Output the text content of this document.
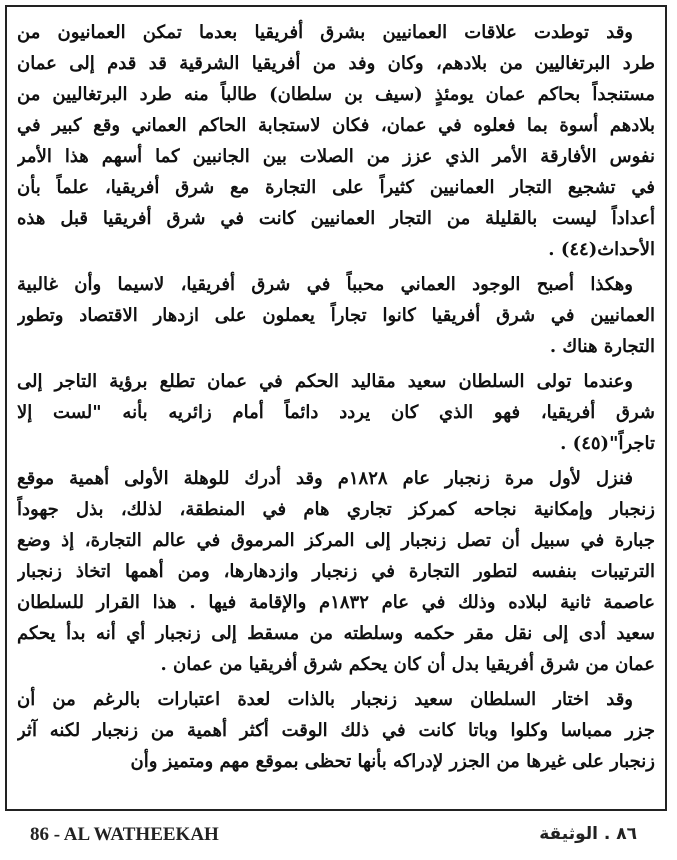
وقد توطدت علاقات العمانيين بشرق أفريقيا بعدما تمكن العمانيون من
طرد البرتغاليين من بلادهم، وكان وفد من أفريقيا الشرقية قد قدم إلى عمان
مستنجداً بحاكم عمان يومئذٍ (سيف بن سلطان) طالباً منه طرد البرتغاليين من
بلادهم أسوة بما فعلوه في عمان، فكان لاستجابة الحاكم العماني وقع كبير في
نفوس الأفارقة الأمر الذي عزز من الصلات بين الجانبين كما أسهم هذا الأمر
في تشجيع التجار العمانيين كثيراً على التجارة مع شرق أفريقيا، علماً بأن
أعداداً ليست بالقليلة من التجار العمانيين كانت في شرق أفريقيا قبل هذه
الأحداث(٤٤) .
وهكذا أصبح الوجود العماني محبباً في شرق أفريقيا، لاسيما وأن غالبية
العمانيين في شرق أفريقيا كانوا تجاراً يعملون على ازدهار الاقتصاد وتطور
التجارة هناك .
وعندما تولى السلطان سعيد مقاليد الحكم في عمان تطلع برؤية التاجر إلى
شرق أفريقيا، فهو الذي كان يردد دائماً أمام زائريه بأنه "لست إلا
تاجراً"(٤٥) .
فنزل لأول مرة زنجبار عام ١٨٢٨م وقد أدرك للوهلة الأولى أهمية موقع
زنجبار وإمكانية نجاحه كمركز تجاري هام في المنطقة، لذلك، بذل جهوداً
جبارة في سبيل أن تصل زنجبار إلى المركز المرموق في عالم التجارة، إذ وضع
الترتيبات بنفسه لتطور التجارة في زنجبار وازدهارها، ومن أهمها اتخاذ زنجبار
عاصمة ثانية لبلاده وذلك في عام ١٨٣٢م والإقامة فيها . هذا القرار للسلطان
سعيد أدى إلى نقل مقر حكمه وسلطته من مسقط إلى زنجبار أي أنه بدأ يحكم
عمان من شرق أفريقيا بدل أن كان يحكم شرق أفريقيا من عمان .
وقد اختار السلطان سعيد زنجبار بالذات لعدة اعتبارات بالرغم من أن
جزر ممباسا وكلوا وباتا كانت في ذلك الوقت أكثر أهمية من زنجبار لكنه آثر
زنجبار على غيرها من الجزر لإدراكه بأنها تحظى بموقع مهم ومتميز وأن
86 - AL WATHEEKAH	٨٦ . الوثيقة
